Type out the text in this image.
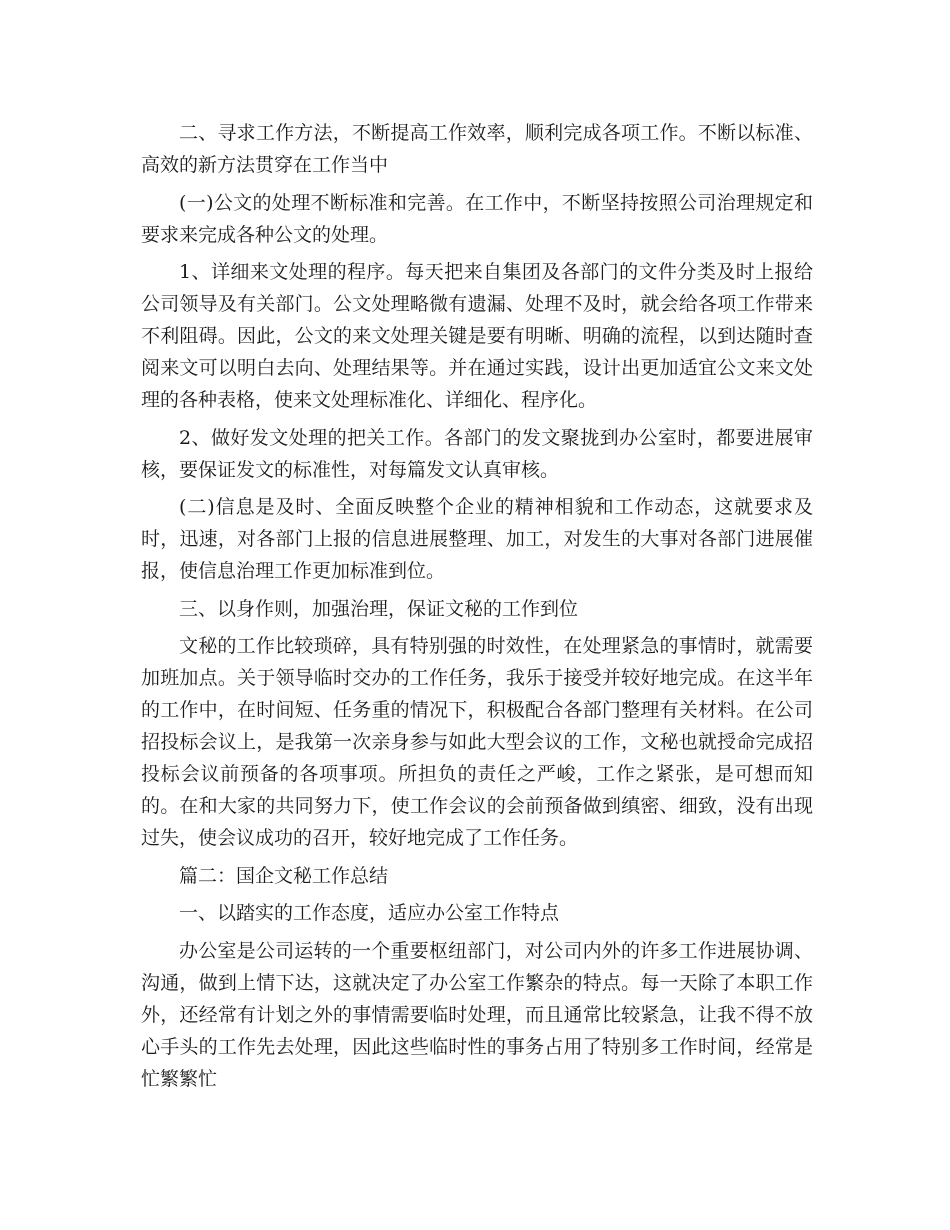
二、寻求工作方法，不断提高工作效率，顺利完成各项工作。不断以标准、高效的新方法贯穿在工作当中

(一)公文的处理不断标准和完善。在工作中，不断坚持按照公司治理规定和要求来完成各种公文的处理。

1、详细来文处理的程序。每天把来自集团及各部门的文件分类及时上报给公司领导及有关部门。公文处理略微有遗漏、处理不及时，就会给各项工作带来不利阻碍。因此，公文的来文处理关键是要有明晰、明确的流程，以到达随时查阅来文可以明白去向、处理结果等。并在通过实践，设计出更加适宜公文来文处理的各种表格，使来文处理标准化、详细化、程序化。

2、做好发文处理的把关工作。各部门的发文聚拢到办公室时，都要进展审核，要保证发文的标准性，对每篇发文认真审核。

(二)信息是及时、全面反映整个企业的精神相貌和工作动态，这就要求及时，迅速，对各部门上报的信息进展整理、加工，对发生的大事对各部门进展催报，使信息治理工作更加标准到位。

三、以身作则，加强治理，保证文秘的工作到位

文秘的工作比较琐碎，具有特别强的时效性，在处理紧急的事情时，就需要加班加点。关于领导临时交办的工作任务，我乐于接受并较好地完成。在这半年的工作中，在时间短、任务重的情况下，积极配合各部门整理有关材料。在公司招投标会议上，是我第一次亲身参与如此大型会议的工作，文秘也就授命完成招投标会议前预备的各项事项。所担负的责任之严峻，工作之紧张，是可想而知的。在和大家的共同努力下，使工作会议的会前预备做到缜密、细致，没有出现过失，使会议成功的召开，较好地完成了工作任务。

篇二：国企文秘工作总结

一、以踏实的工作态度，适应办公室工作特点

办公室是公司运转的一个重要枢纽部门，对公司内外的许多工作进展协调、沟通，做到上情下达，这就决定了办公室工作繁杂的特点。每一天除了本职工作外，还经常有计划之外的事情需要临时处理，而且通常比较紧急，让我不得不放心手头的工作先去处理，因此这些临时性的事务占用了特别多工作时间，经常是忙繁繁忙
